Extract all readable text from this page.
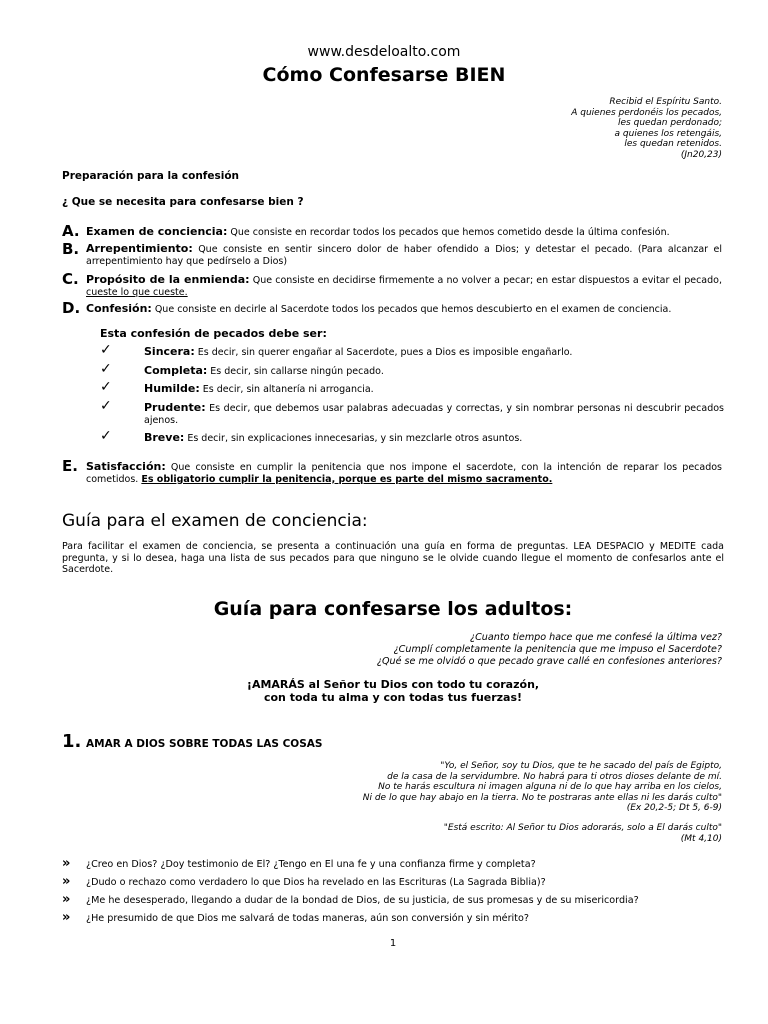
www.desdeloalto.com
Cómo Confesarse BIEN
Recibid el Espíritu Santo.
A quienes perdonéis los pecados,
les quedan perdonado;
a quienes los retengáis,
les quedan retenidos.
(Jn20,23)
Preparación para la confesión
¿ Que se necesita para confesarse bien ?
A. Examen de conciencia: Que consiste en recordar todos los pecados que hemos cometido desde la última confesión.
B. Arrepentimiento: Que consiste en sentir sincero dolor de haber ofendido a Dios; y detestar el pecado. (Para alcanzar el arrepentimiento hay que pedírselo a Dios)
C. Propósito de la enmienda: Que consiste en decidirse firmemente a no volver a pecar; en estar dispuestos a evitar el pecado, cueste lo que cueste.
D. Confesión: Que consiste en decirle al Sacerdote todos los pecados que hemos descubierto en el examen de conciencia.
Esta confesión de pecados debe ser:
✓	Sincera: Es decir, sin querer engañar al Sacerdote, pues a Dios es imposible engañarlo.
✓	Completa: Es decir, sin callarse ningún pecado.
✓	Humilde: Es decir, sin altanería ni arrogancia.
✓	Prudente: Es decir, que debemos usar palabras adecuadas y correctas, y sin nombrar personas ni descubrir pecados ajenos.
✓	Breve: Es decir, sin explicaciones innecesarias, y sin mezclarle otros asuntos.
E. Satisfacción: Que consiste en cumplir la penitencia que nos impone el sacerdote, con la intención de reparar los pecados cometidos. Es obligatorio cumplir la penitencia, porque es parte del mismo sacramento.
Guía para el examen de conciencia:
Para facilitar el examen de conciencia, se presenta a continuación una guía en forma de preguntas. LEA DESPACIO y MEDITE cada pregunta, y si lo desea, haga una lista de sus pecados para que ninguno se le olvide cuando llegue el momento de confesarlos ante el Sacerdote.
Guía para confesarse los adultos:
¿Cuanto tiempo hace que me confesé la última vez?
¿Cumplí completamente la penitencia que me impuso el Sacerdote?
¿Qué se me olvidó o que pecado grave callé en confesiones anteriores?
¡AMARÁS al Señor tu Dios con todo tu corazón,
con toda tu alma y con todas tus fuerzas!
1. AMAR A DIOS SOBRE TODAS LAS COSAS
"Yo, el Señor, soy tu Dios, que te he sacado del país de Egipto,
de la casa de la servidumbre. No habrá para ti otros dioses delante de mí.
No te harás escultura ni imagen alguna ni de lo que hay arriba en los cielos,
Ni de lo que hay abajo en la tierra. No te postraras ante ellas ni les darás culto"
(Ex 20,2-5; Dt 5, 6-9)
"Está escrito: Al Señor tu Dios adorarás, solo a El darás culto"
(Mt 4,10)
» ¿Creo en Dios? ¿Doy testimonio de El? ¿Tengo en El una fe y una confianza firme y completa?
» ¿Dudo o rechazo como verdadero lo que Dios ha revelado en las Escrituras (La Sagrada Biblia)?
» ¿Me he desesperado, llegando a dudar de la bondad de Dios, de su justicia, de sus promesas y de su misericordia?
» ¿He presumido de que Dios me salvará de todas maneras, aún son conversión y sin mérito?
1
